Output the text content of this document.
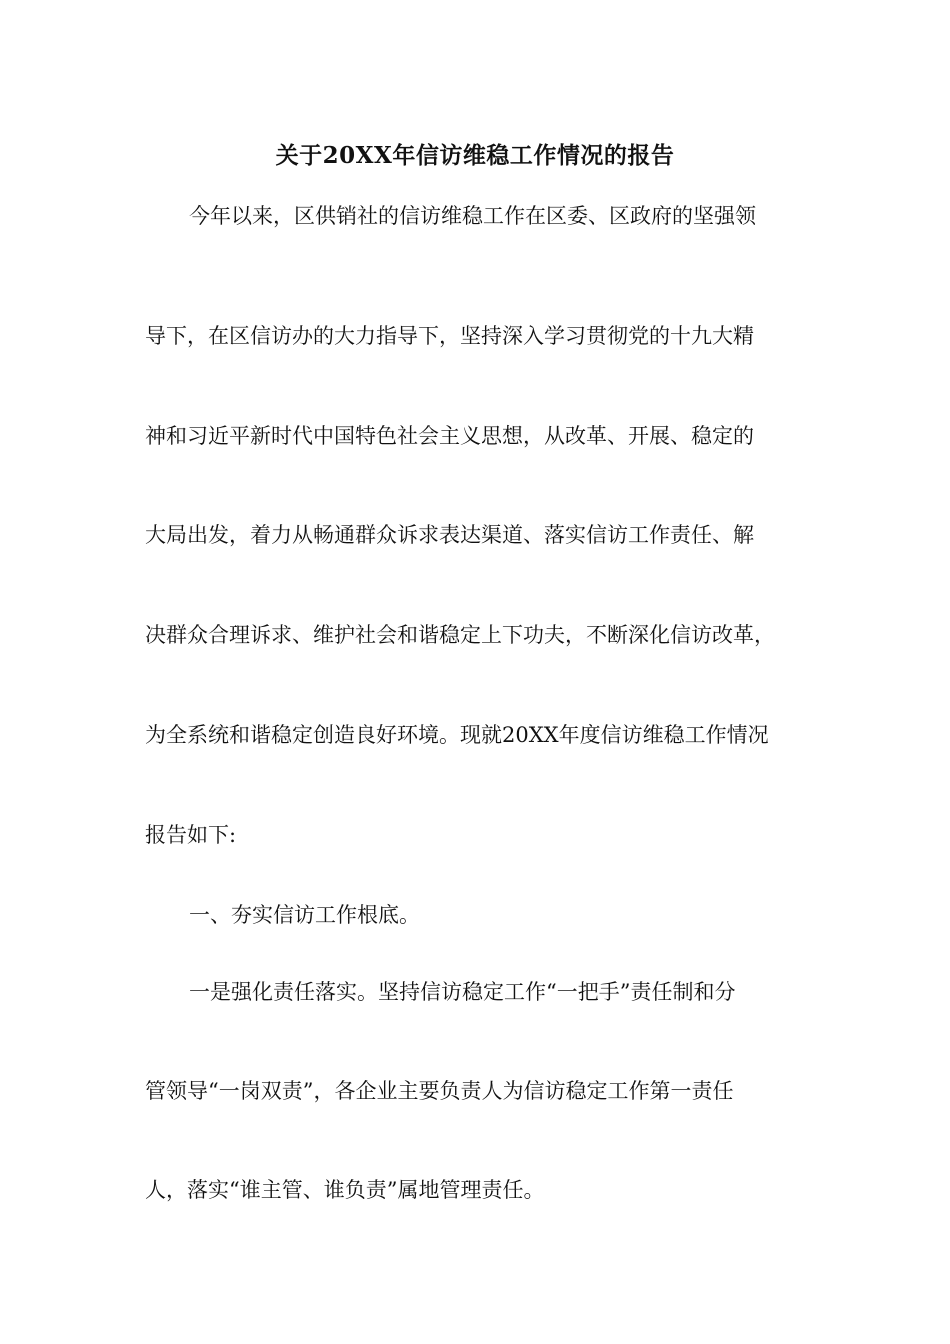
关于20XX年信访维稳工作情况的报告
今年以来，区供销社的信访维稳工作在区委、区政府的坚强领
导下，在区信访办的大力指导下，坚持深入学习贯彻党的十九大精
神和习近平新时代中国特色社会主义思想，从改革、开展、稳定的
大局出发，着力从畅通群众诉求表达渠道、落实信访工作责任、解
决群众合理诉求、维护社会和谐稳定上下功夫，不断深化信访改革，
为全系统和谐稳定创造良好环境。现就20XX年度信访维稳工作情况
报告如下:
一、夯实信访工作根底。
一是强化责任落实。坚持信访稳定工作“一把手”责任制和分
管领导“一岗双责”，各企业主要负责人为信访稳定工作第一责任
人，落实“谁主管、谁负责”属地管理责任。
